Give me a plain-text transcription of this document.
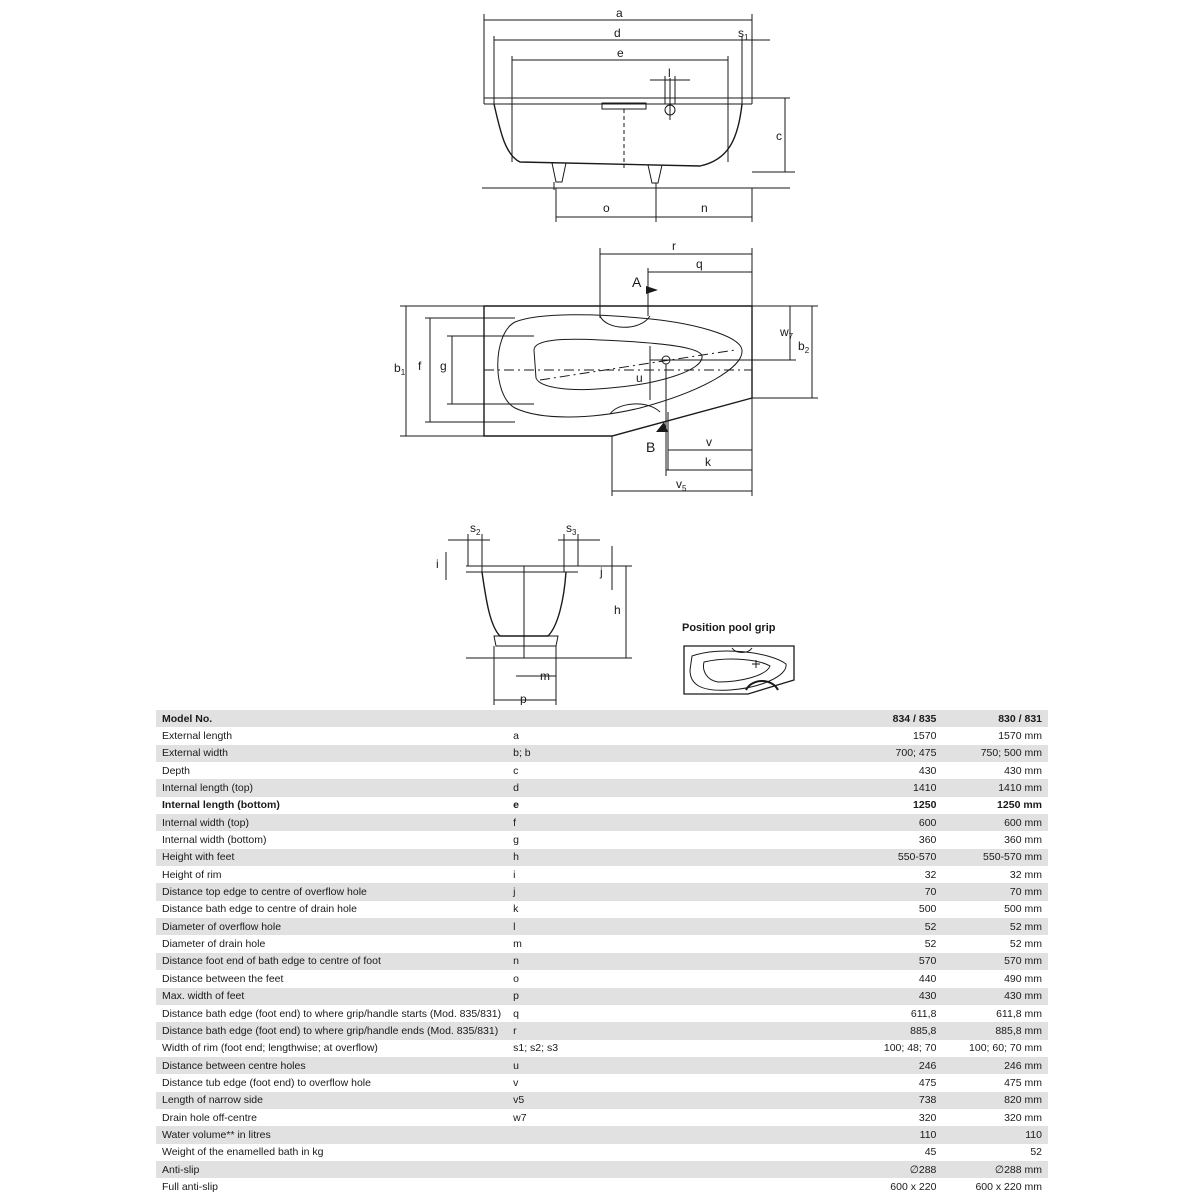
a
d	$s_1$
e
l
c
o	n
r
q
A
B
$w_7$
$b_2$
$b_1$ f g
u
v
k
$v_5$
$s_2$	$s_3$
i
j
h
m
p
Position pool grip
Model No.		834 / 835	830 / 831
External length	a	1570	1570 mm
External width	b; b	700; 475	750; 500 mm
Depth	c	430	430 mm
Internal length (top)	d	1410	1410 mm
Internal length (bottom)	e	1250	1250 mm
Internal width (top)	f	600	600 mm
Internal width (bottom)	g	360	360 mm
Height with feet	h	550-570	550-570 mm
Height of rim	i	32	32 mm
Distance top edge to centre of overflow hole	j	70	70 mm
Distance bath edge to centre of drain hole	k	500	500 mm
Diameter of overflow hole	l	52	52 mm
Diameter of drain hole	m	52	52 mm
Distance foot end of bath edge to centre of foot	n	570	570 mm
Distance between the feet	o	440	490 mm
Max. width of feet	p	430	430 mm
Distance bath edge (foot end) to where grip/handle starts (Mod. 835/831)	q	611,8	611,8 mm
Distance bath edge (foot end) to where grip/handle ends (Mod. 835/831)	r	885,8	885,8 mm
Width of rim (foot end; lengthwise; at overflow)	s1; s2; s3	100; 48; 70	100; 60; 70 mm
Distance between centre holes	u	246	246 mm
Distance tub edge (foot end) to overflow hole	v	475	475 mm
Length of narrow side	v5	738	820 mm
Drain hole off-centre	w7	320	320 mm
Water volume** in litres		110	110
Weight of the enamelled bath in kg		45	52
Anti-slip		∅288	∅288 mm
Full anti-slip		600 x 220	600 x 220 mm
